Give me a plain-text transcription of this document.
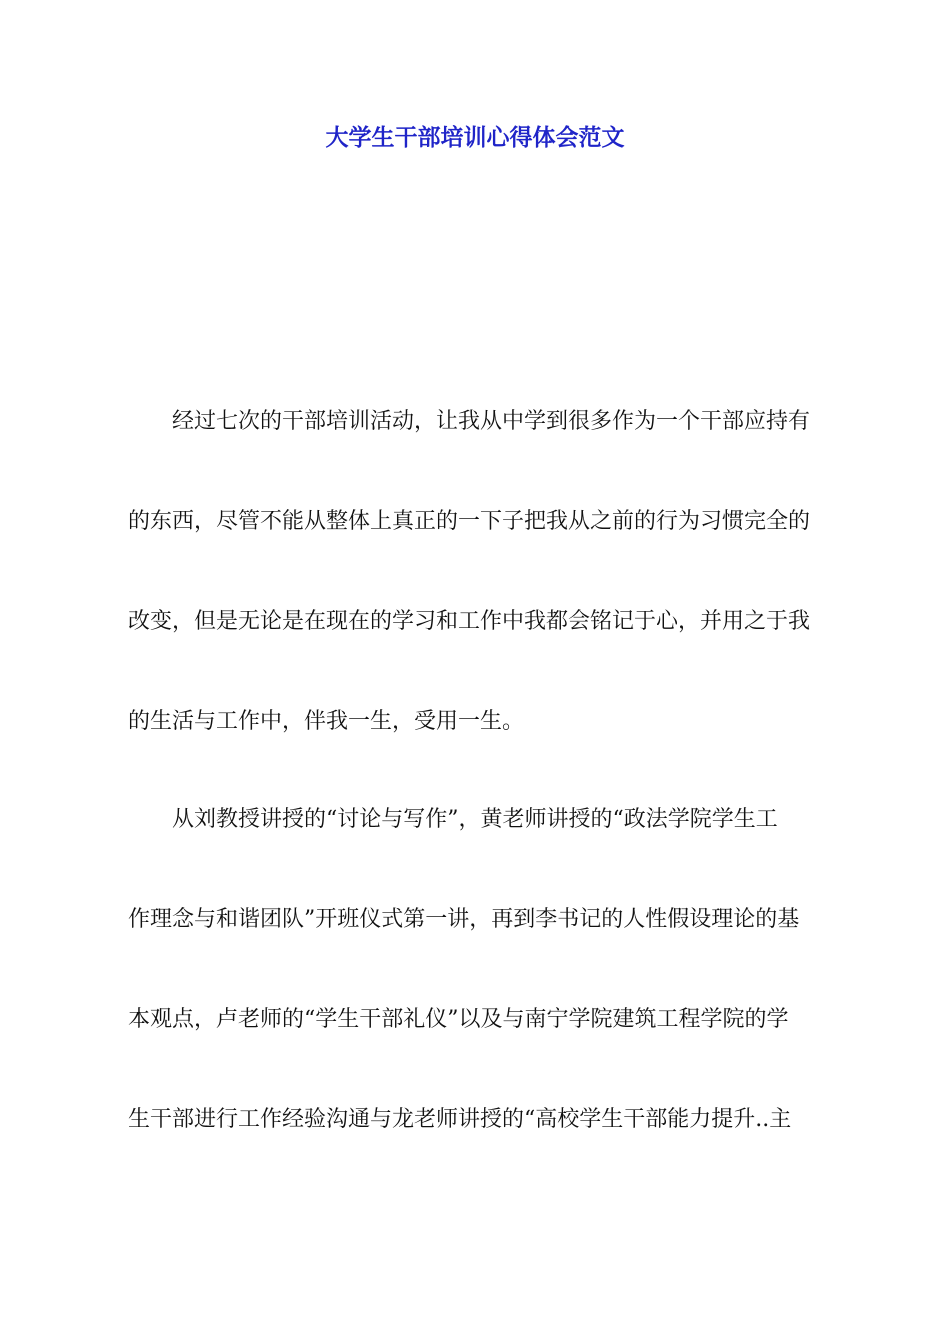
大学生干部培训心得体会范文
经过七次的干部培训活动，让我从中学到很多作为一个干部应持有
的东西，尽管不能从整体上真正的一下子把我从之前的行为习惯完全的
改变，但是无论是在现在的学习和工作中我都会铭记于心，并用之于我
的生活与工作中，伴我一生，受用一生。
从刘教授讲授的“讨论与写作”，黄老师讲授的“政法学院学生工
作理念与和谐团队”开班仪式第一讲，再到李书记的人性假设理论的基
本观点，卢老师的“学生干部礼仪”以及与南宁学院建筑工程学院的学
生干部进行工作经验沟通与龙老师讲授的“高校学生干部能力提升..主
